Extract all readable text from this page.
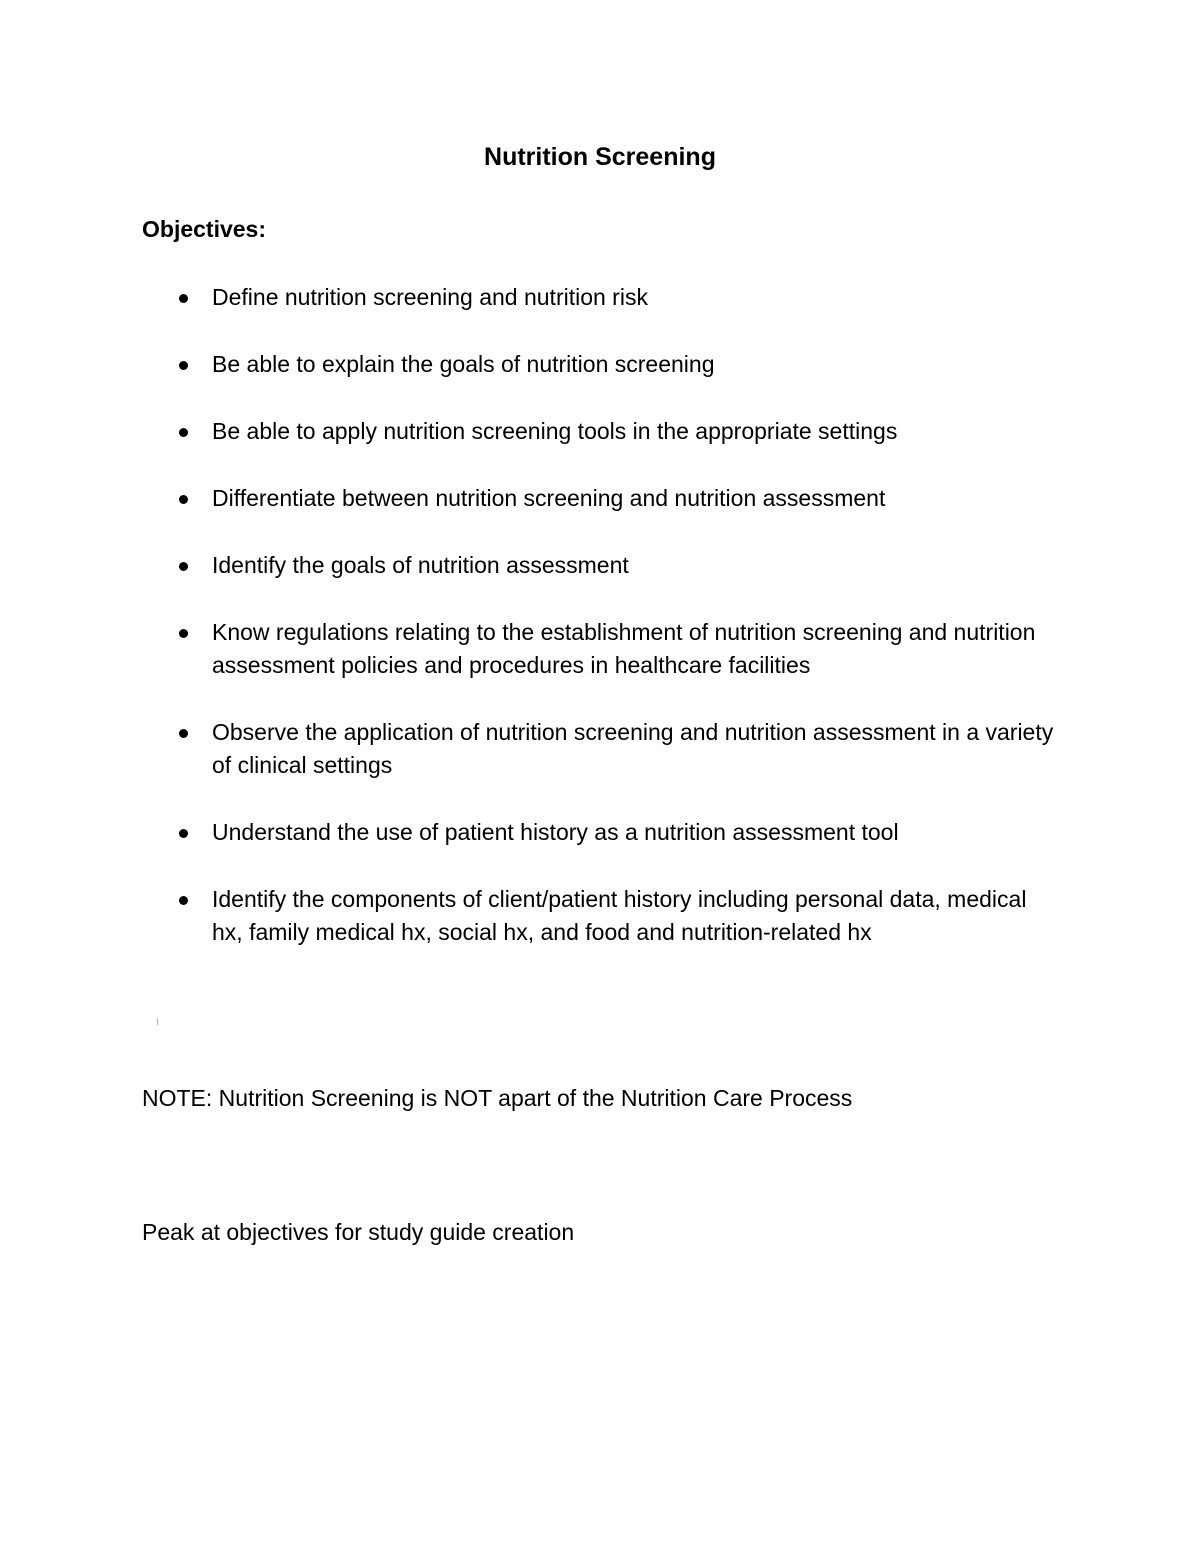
Nutrition Screening
Objectives:
Define nutrition screening and nutrition risk
Be able to explain the goals of nutrition screening
Be able to apply nutrition screening tools in the appropriate settings
Differentiate between nutrition screening and nutrition assessment
Identify the goals of nutrition assessment
Know regulations relating to the establishment of nutrition screening and nutrition assessment policies and procedures in healthcare facilities
Observe the application of nutrition screening and nutrition assessment in a variety of clinical settings
Understand the use of patient history as a nutrition assessment tool
Identify the components of client/patient history including personal data, medical hx, family medical hx, social hx, and food and nutrition-related hx

NOTE: Nutrition Screening is NOT apart of the Nutrition Care Process

Peak at objectives for study guide creation
